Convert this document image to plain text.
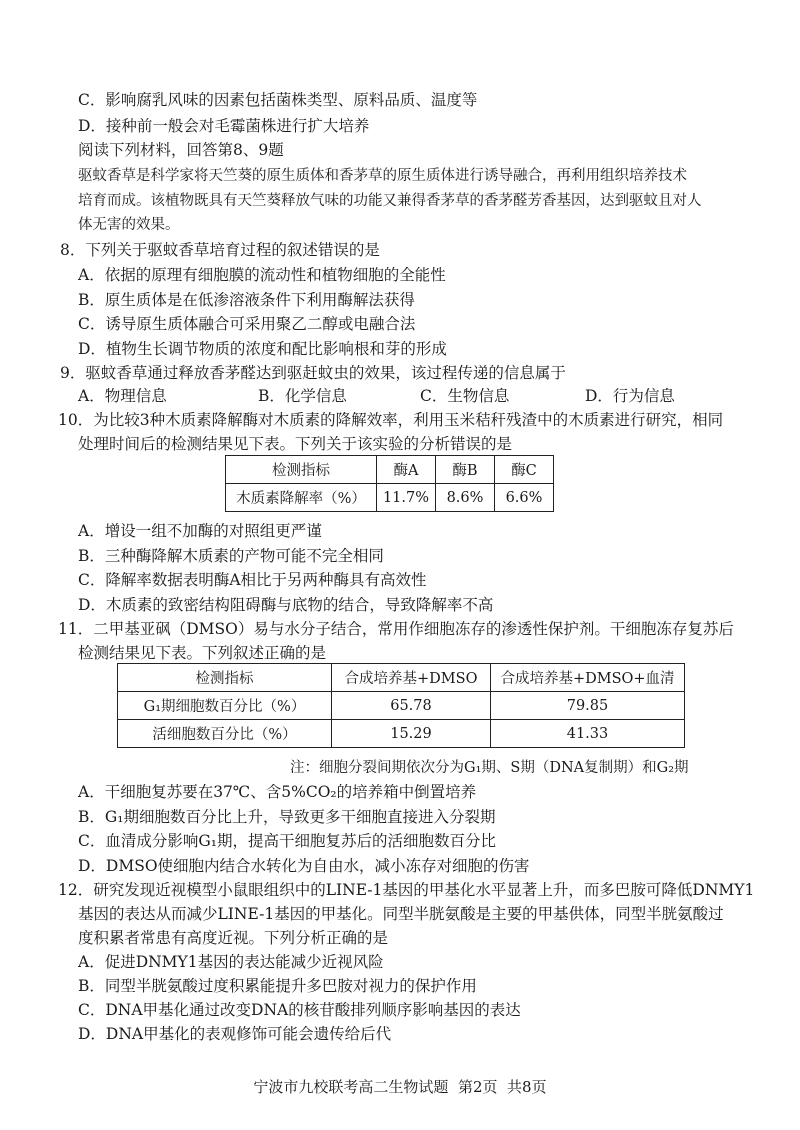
C．影响腐乳风味的因素包括菌株类型、原料品质、温度等
D．接种前一般会对毛霉菌株进行扩大培养
阅读下列材料，回答第8、9题
驱蚊香草是科学家将天竺葵的原生质体和香茅草的原生质体进行诱导融合，再利用组织培养技术
培育而成。该植物既具有天竺葵释放气味的功能又兼得香茅草的香茅醛芳香基因，达到驱蚊且对人
体无害的效果。
8．下列关于驱蚊香草培育过程的叙述错误的是
A．依据的原理有细胞膜的流动性和植物细胞的全能性
B．原生质体是在低渗溶液条件下利用酶解法获得
C．诱导原生质体融合可采用聚乙二醇或电融合法
D．植物生长调节物质的浓度和配比影响根和芽的形成
9．驱蚊香草通过释放香茅醛达到驱赶蚊虫的效果，该过程传递的信息属于
A．物理信息	B．化学信息	C．生物信息	D．行为信息
10．为比较3种木质素降解酶对木质素的降解效率，利用玉米秸秆残渣中的木质素进行研究，相同
处理时间后的检测结果见下表。下列关于该实验的分析错误的是
检测指标	酶A	酶B	酶C
木质素降解率（%）	11.7%	8.6%	6.6%
A．增设一组不加酶的对照组更严谨
B．三种酶降解木质素的产物可能不完全相同
C．降解率数据表明酶A相比于另两种酶具有高效性
D．木质素的致密结构阻碍酶与底物的结合，导致降解率不高
11．二甲基亚砜（DMSO）易与水分子结合，常用作细胞冻存的渗透性保护剂。干细胞冻存复苏后
检测结果见下表。下列叙述正确的是
检测指标	合成培养基+DMSO	合成培养基+DMSO+血清
G₁期细胞数百分比（%）	65.78	79.85
活细胞数百分比（%）	15.29	41.33
注：细胞分裂间期依次分为G₁期、S期（DNA复制期）和G₂期
A．干细胞复苏要在37℃、含5%CO₂的培养箱中倒置培养
B．G₁期细胞数百分比上升，导致更多干细胞直接进入分裂期
C．血清成分影响G₁期，提高干细胞复苏后的活细胞数百分比
D．DMSO使细胞内结合水转化为自由水，减小冻存对细胞的伤害
12．研究发现近视模型小鼠眼组织中的LINE-1基因的甲基化水平显著上升，而多巴胺可降低DNMY1
基因的表达从而减少LINE-1基因的甲基化。同型半胱氨酸是主要的甲基供体，同型半胱氨酸过
度积累者常患有高度近视。下列分析正确的是
A．促进DNMY1基因的表达能减少近视风险
B．同型半胱氨酸过度积累能提升多巴胺对视力的保护作用
C．DNA甲基化通过改变DNA的核苷酸排列顺序影响基因的表达
D．DNA甲基化的表观修饰可能会遗传给后代
宁波市九校联考高二生物试题  第2页  共8页
